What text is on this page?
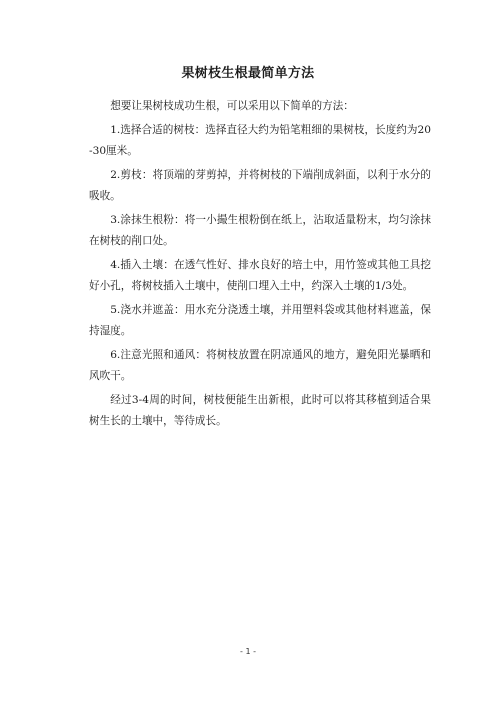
果树枝生根最简单方法

想要让果树枝成功生根，可以采用以下简单的方法：

1.选择合适的树枝：选择直径大约为铅笔粗细的果树枝，长度约为20-30厘米。

2.剪枝：将顶端的芽剪掉，并将树枝的下端削成斜面，以利于水分的吸收。

3.涂抹生根粉：将一小撮生根粉倒在纸上，沾取适量粉末，均匀涂抹在树枝的削口处。

4.插入土壤：在透气性好、排水良好的培土中，用竹签或其他工具挖好小孔，将树枝插入土壤中，使削口埋入土中，约深入土壤的1/3处。

5.浇水并遮盖：用水充分浇透土壤，并用塑料袋或其他材料遮盖，保持湿度。

6.注意光照和通风：将树枝放置在阴凉通风的地方，避免阳光暴晒和风吹干。

经过3-4周的时间，树枝便能生出新根，此时可以将其移植到适合果树生长的土壤中，等待成长。

- 1 -
